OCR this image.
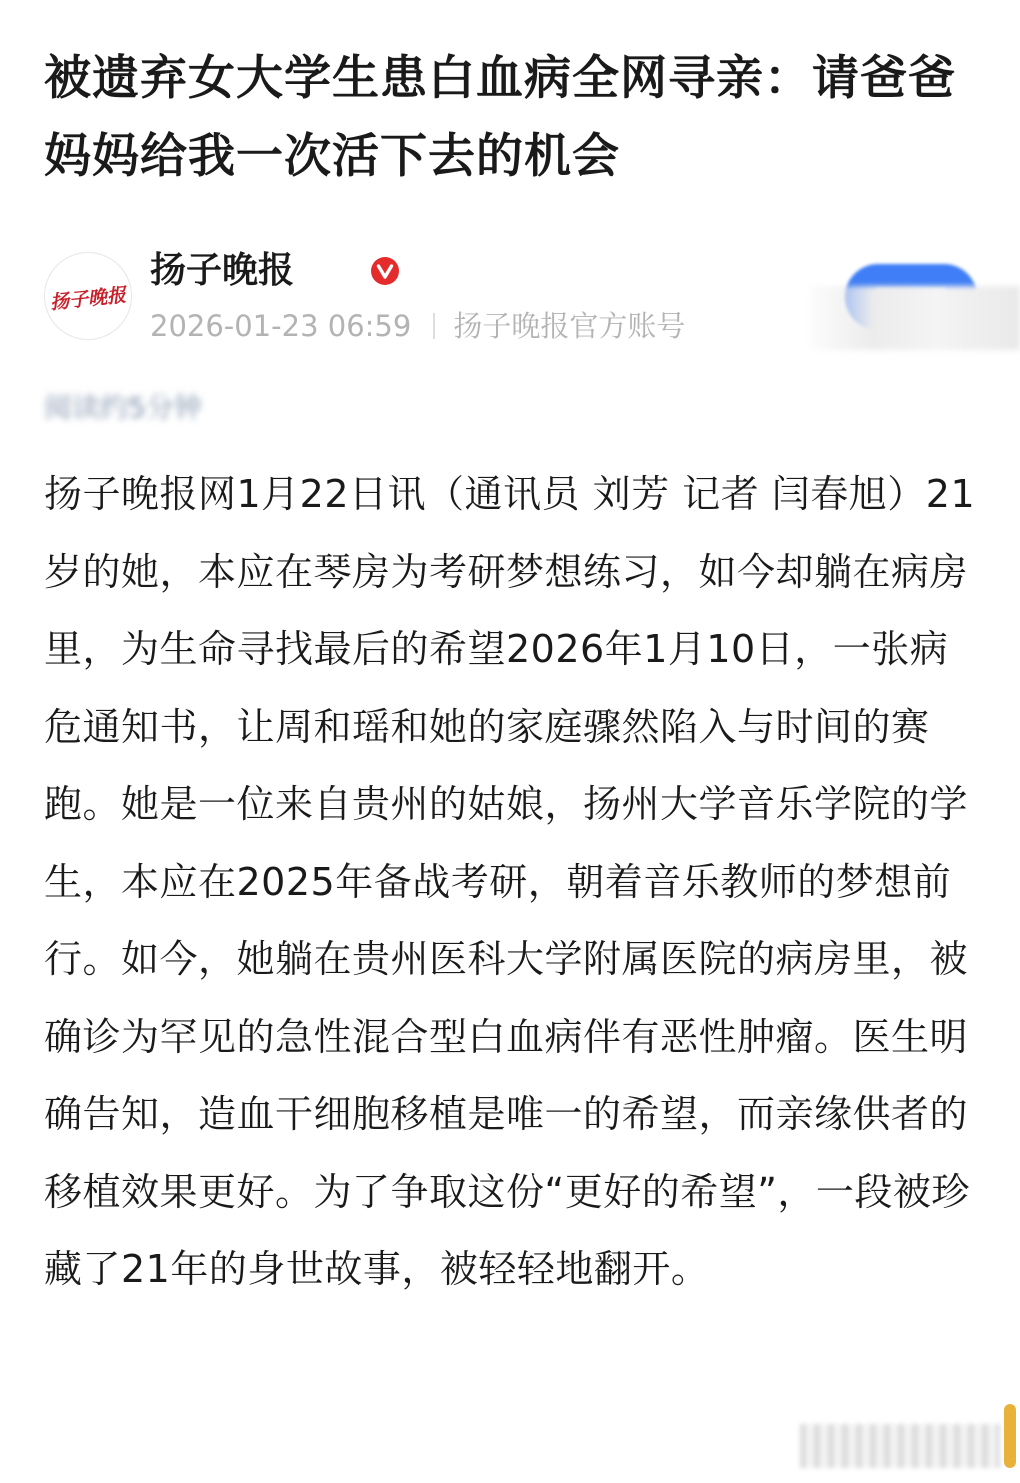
被遗弃女大学生患白血病全网寻亲：请爸爸妈妈给我一次活下去的机会
扬子晚报
扬子晚报
2026-01-23 06:59 扬子晚报官方账号
阅读约5分钟
扬子晚报网1月22日讯（通讯员 刘芳 记者 闫春旭）21岁的她，本应在琴房为考研梦想练习，如今却躺在病房里，为生命寻找最后的希望2026年1月10日，一张病危通知书，让周和瑶和她的家庭骤然陷入与时间的赛跑。她是一位来自贵州的姑娘，扬州大学音乐学院的学生，本应在2025年备战考研，朝着音乐教师的梦想前行。如今，她躺在贵州医科大学附属医院的病房里，被确诊为罕见的急性混合型白血病伴有恶性肿瘤。医生明确告知，造血干细胞移植是唯一的希望，而亲缘供者的移植效果更好。为了争取这份“更好的希望”，一段被珍藏了21年的身世故事，被轻轻地翻开。
